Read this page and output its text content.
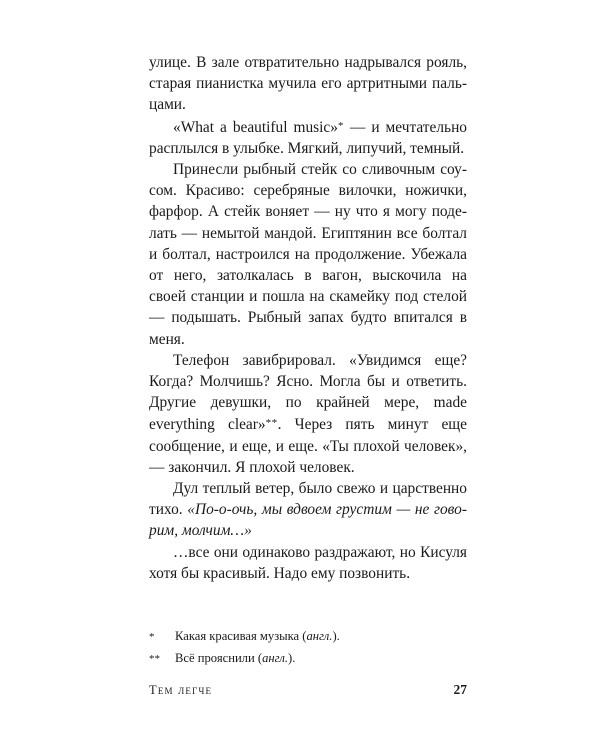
улице. В зале отвратительно надрывался рояль, старая пианистка мучила его артритными пальцами.

«What a beautiful music»* — и мечтательно расплылся в улыбке. Мягкий, липучий, темный.

Принесли рыбный стейк со сливочным соусом. Красиво: серебряные вилочки, ножички, фарфор. А стейк воняет — ну что я могу поделать — немытой мандой. Египтянин все болтал и болтал, настроился на продолжение. Убежала от него, затолкалась в вагон, выскочила на своей станции и пошла на скамейку под стелой — подышать. Рыбный запах будто впитался в меня.

Телефон завибрировал. «Увидимся еще? Когда? Молчишь? Ясно. Могла бы и ответить. Другие девушки, по крайней мере, made everything clear»**. Через пять минут еще сообщение, и еще, и еще. «Ты плохой человек», — закончил. Я плохой человек.

Дул теплый ветер, было свежо и царственно тихо. «По-о-очь, мы вдвоем грустим — не говорим, молчим…»

…все они одинаково раздражают, но Кисуля хотя бы красивый. Надо ему позвонить.

*	Какая красивая музыка (англ.).
**	Всё прояснили (англ.).
Тем легче	27
